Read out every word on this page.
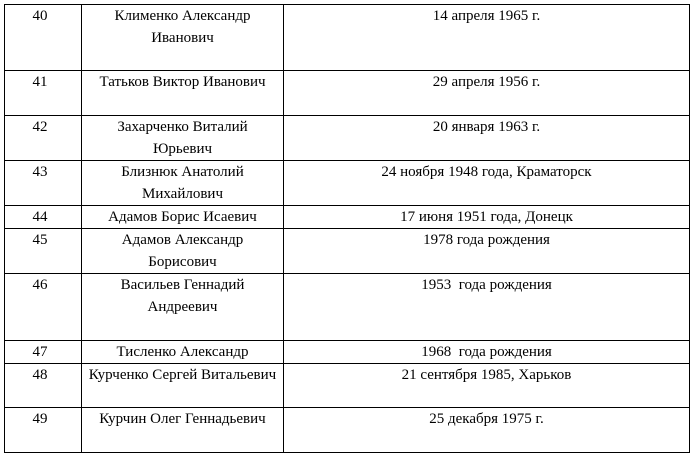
40	Клименко Александр Иванович	14 апреля 1965 г.

41	Татьков Виктор Иванович	29 апреля 1956 г.

42	Захарченко Виталий Юрьевич	20 января 1963 г.

43	Близнюк Анатолий Михайлович	24 ноября 1948 года, Краматорск

44	Адамов Борис Исаевич	17 июня 1951 года, Донецк

45	Адамов Александр Борисович	1978 года рождения

46	Васильев Геннадий Андреевич	1953  года рождения

47	Тисленко Александр	1968  года рождения

48	Курченко Сергей Витальевич	21 сентября 1985, Харьков

49	Курчин Олег Геннадьевич	25 декабря 1975 г.
